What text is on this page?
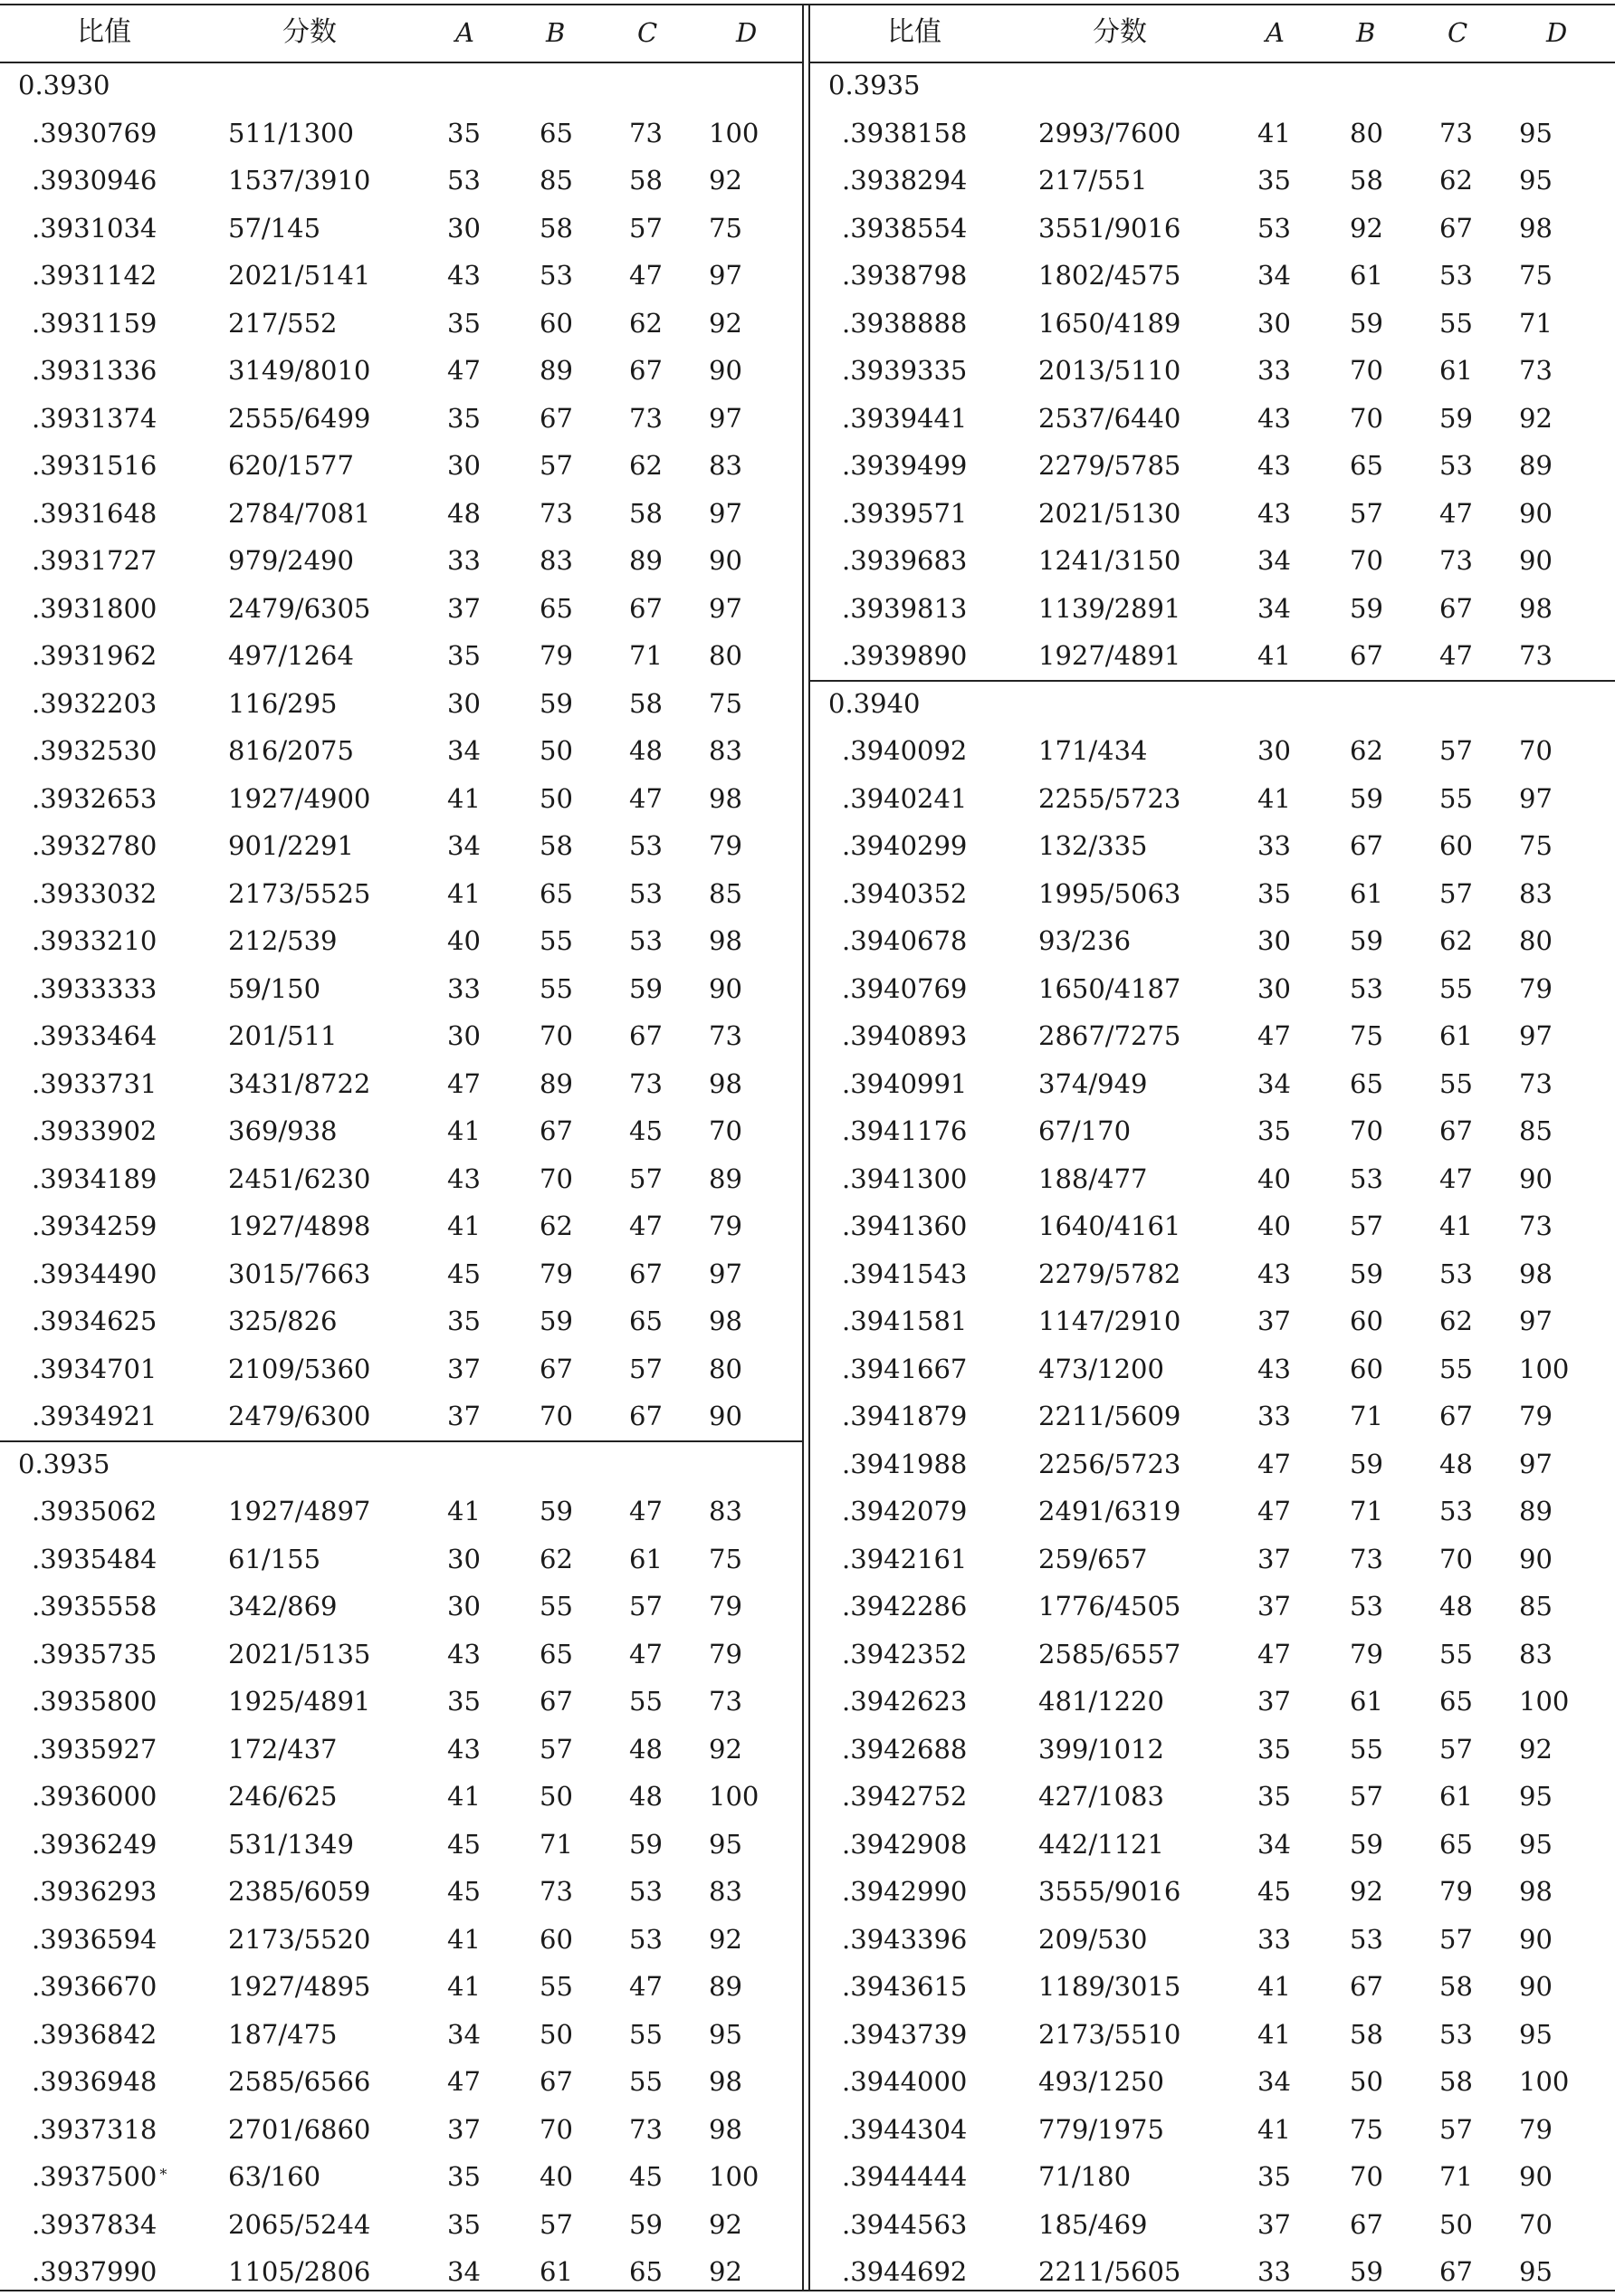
比值	分数	A	B	C	D
0.3930
.3930769	511/1300	35 65 73 100
.3930946	1537/3910	53 85 58 92
.3931034	57/145	30 58 57 75
.3931142	2021/5141	43 53 47 97
.3931159	217/552	35 60 62 92
.3931336	3149/8010	47 89 67 90
.3931374	2555/6499	35 67 73 97
.3931516	620/1577	30 57 62 83
.3931648	2784/7081	48 73 58 97
.3931727	979/2490	33 83 89 90
.3931800	2479/6305	37 65 67 97
.3931962	497/1264	35 79 71 80
.3932203	116/295	30 59 58 75
.3932530	816/2075	34 50 48 83
.3932653	1927/4900	41 50 47 98
.3932780	901/2291	34 58 53 79
.3933032	2173/5525	41 65 53 85
.3933210	212/539	40 55 53 98
.3933333	59/150	33 55 59 90
.3933464	201/511	30 70 67 73
.3933731	3431/8722	47 89 73 98
.3933902	369/938	41 67 45 70
.3934189	2451/6230	43 70 57 89
.3934259	1927/4898	41 62 47 79
.3934490	3015/7663	45 79 67 97
.3934625	325/826	35 59 65 98
.3934701	2109/5360	37 67 57 80
.3934921	2479/6300	37 70 67 90
0.3935
.3935062	1927/4897	41 59 47 83
.3935484	61/155	30 62 61 75
.3935558	342/869	30 55 57 79
.3935735	2021/5135	43 65 47 79
.3935800	1925/4891	35 67 55 73
.3935927	172/437	43 57 48 92
.3936000	246/625	41 50 48 100
.3936249	531/1349	45 71 59 95
.3936293	2385/6059	45 73 53 83
.3936594	2173/5520	41 60 53 92
.3936670	1927/4895	41 55 47 89
.3936842	187/475	34 50 55 95
.3936948	2585/6566	47 67 55 98
.3937318	2701/6860	37 70 73 98
.3937500 * 63/160	35 40 45 100
.3937834	2065/5244	35 57 59 92
.3937990	1105/2806	34 61 65 92
比值	分数	A	B	C	D
0.3935
.3938158	2993/7600	41 80 73 95
.3938294	217/551	35 58 62 95
.3938554	3551/9016	53 92 67 98
.3938798	1802/4575	34 61 53 75
.3938888	1650/4189	30 59 55 71
.3939335	2013/5110	33 70 61 73
.3939441	2537/6440	43 70 59 92
.3939499	2279/5785	43 65 53 89
.3939571	2021/5130	43 57 47 90
.3939683	1241/3150	34 70 73 90
.3939813	1139/2891	34 59 67 98
.3939890	1927/4891	41 67 47 73
0.3940
.3940092	171/434	30 62 57 70
.3940241	2255/5723	41 59 55 97
.3940299	132/335	33 67 60 75
.3940352	1995/5063	35 61 57 83
.3940678	93/236	30 59 62 80
.3940769	1650/4187	30 53 55 79
.3940893	2867/7275	47 75 61 97
.3940991	374/949	34 65 55 73
.3941176	67/170	35 70 67 85
.3941300	188/477	40 53 47 90
.3941360	1640/4161	40 57 41 73
.3941543	2279/5782	43 59 53 98
.3941581	1147/2910	37 60 62 97
.3941667	473/1200	43 60 55 100
.3941879	2211/5609	33 71 67 79
.3941988	2256/5723	47 59 48 97
.3942079	2491/6319	47 71 53 89
.3942161	259/657	37 73 70 90
.3942286	1776/4505	37 53 48 85
.3942352	2585/6557	47 79 55 83
.3942623	481/1220	37 61 65 100
.3942688	399/1012	35 55 57 92
.3942752	427/1083	35 57 61 95
.3942908	442/1121	34 59 65 95
.3942990	3555/9016	45 92 79 98
.3943396	209/530	33 53 57 90
.3943615	1189/3015	41 67 58 90
.3943739	2173/5510	41 58 53 95
.3944000	493/1250	34 50 58 100
.3944304	779/1975	41 75 57 79
.3944444	71/180	35 70 71 90
.3944563	185/469	37 67 50 70
.3944692	2211/5605	33 59 67 95
